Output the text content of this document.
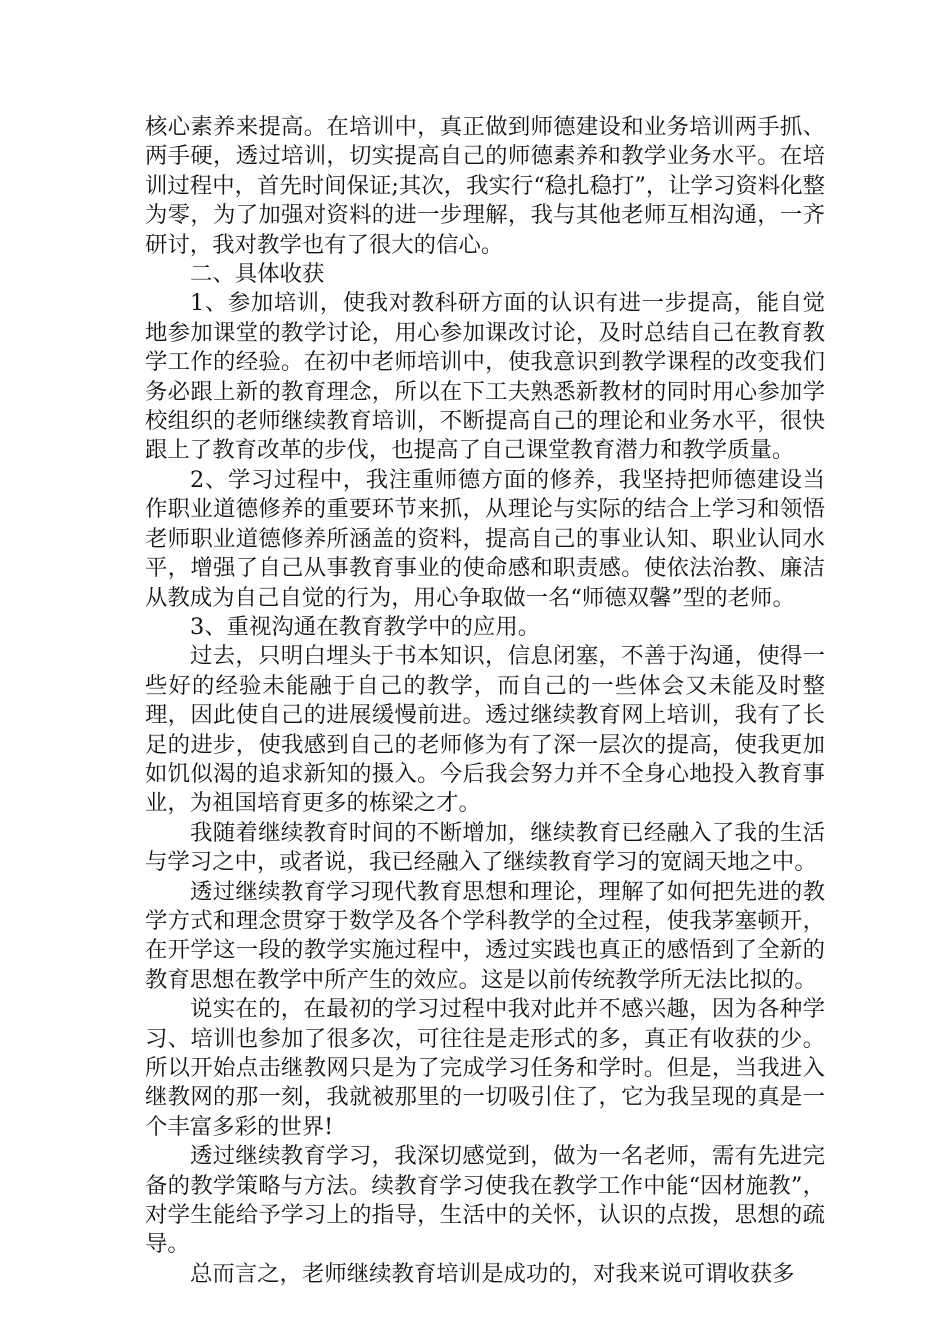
核心素养来提高。在培训中，真正做到师德建设和业务培训两手抓、两手硬，透过培训，切实提高自己的师德素养和教学业务水平。在培训过程中，首先时间保证;其次，我实行“稳扎稳打”，让学习资料化整为零，为了加强对资料的进一步理解，我与其他老师互相沟通，一齐研讨，我对教学也有了很大的信心。

二、具体收获

1、参加培训，使我对教科研方面的认识有进一步提高，能自觉地参加课堂的教学讨论，用心参加课改讨论，及时总结自己在教育教学工作的经验。在初中老师培训中，使我意识到教学课程的改变我们务必跟上新的教育理念，所以在下工夫熟悉新教材的同时用心参加学校组织的老师继续教育培训，不断提高自己的理论和业务水平，很快跟上了教育改革的步伐，也提高了自己课堂教育潜力和教学质量。

2、学习过程中，我注重师德方面的修养，我坚持把师德建设当作职业道德修养的重要环节来抓，从理论与实际的结合上学习和领悟老师职业道德修养所涵盖的资料，提高自己的事业认知、职业认同水平，增强了自己从事教育事业的使命感和职责感。使依法治教、廉洁从教成为自己自觉的行为，用心争取做一名“师德双馨”型的老师。

3、重视沟通在教育教学中的应用。

过去，只明白埋头于书本知识，信息闭塞，不善于沟通，使得一些好的经验未能融于自己的教学，而自己的一些体会又未能及时整理，因此使自己的进展缓慢前进。透过继续教育网上培训，我有了长足的进步，使我感到自己的老师修为有了深一层次的提高，使我更加如饥似渴的追求新知的摄入。今后我会努力并不全身心地投入教育事业，为祖国培育更多的栋梁之才。

我随着继续教育时间的不断增加，继续教育已经融入了我的生活与学习之中，或者说，我已经融入了继续教育学习的宽阔天地之中。

透过继续教育学习现代教育思想和理论，理解了如何把先进的教学方式和理念贯穿于数学及各个学科教学的全过程，使我茅塞顿开，在开学这一段的教学实施过程中，透过实践也真正的感悟到了全新的教育思想在教学中所产生的效应。这是以前传统教学所无法比拟的。

说实在的，在最初的学习过程中我对此并不感兴趣，因为各种学习、培训也参加了很多次，可往往是走形式的多，真正有收获的少。所以开始点击继教网只是为了完成学习任务和学时。但是，当我进入继教网的那一刻，我就被那里的一切吸引住了，它为我呈现的真是一个丰富多彩的世界!

透过继续教育学习，我深切感觉到，做为一名老师，需有先进完备的教学策略与方法。续教育学习使我在教学工作中能“因材施教”，对学生能给予学习上的指导，生活中的关怀，认识的点拨，思想的疏导。

总而言之，老师继续教育培训是成功的，对我来说可谓收获多
